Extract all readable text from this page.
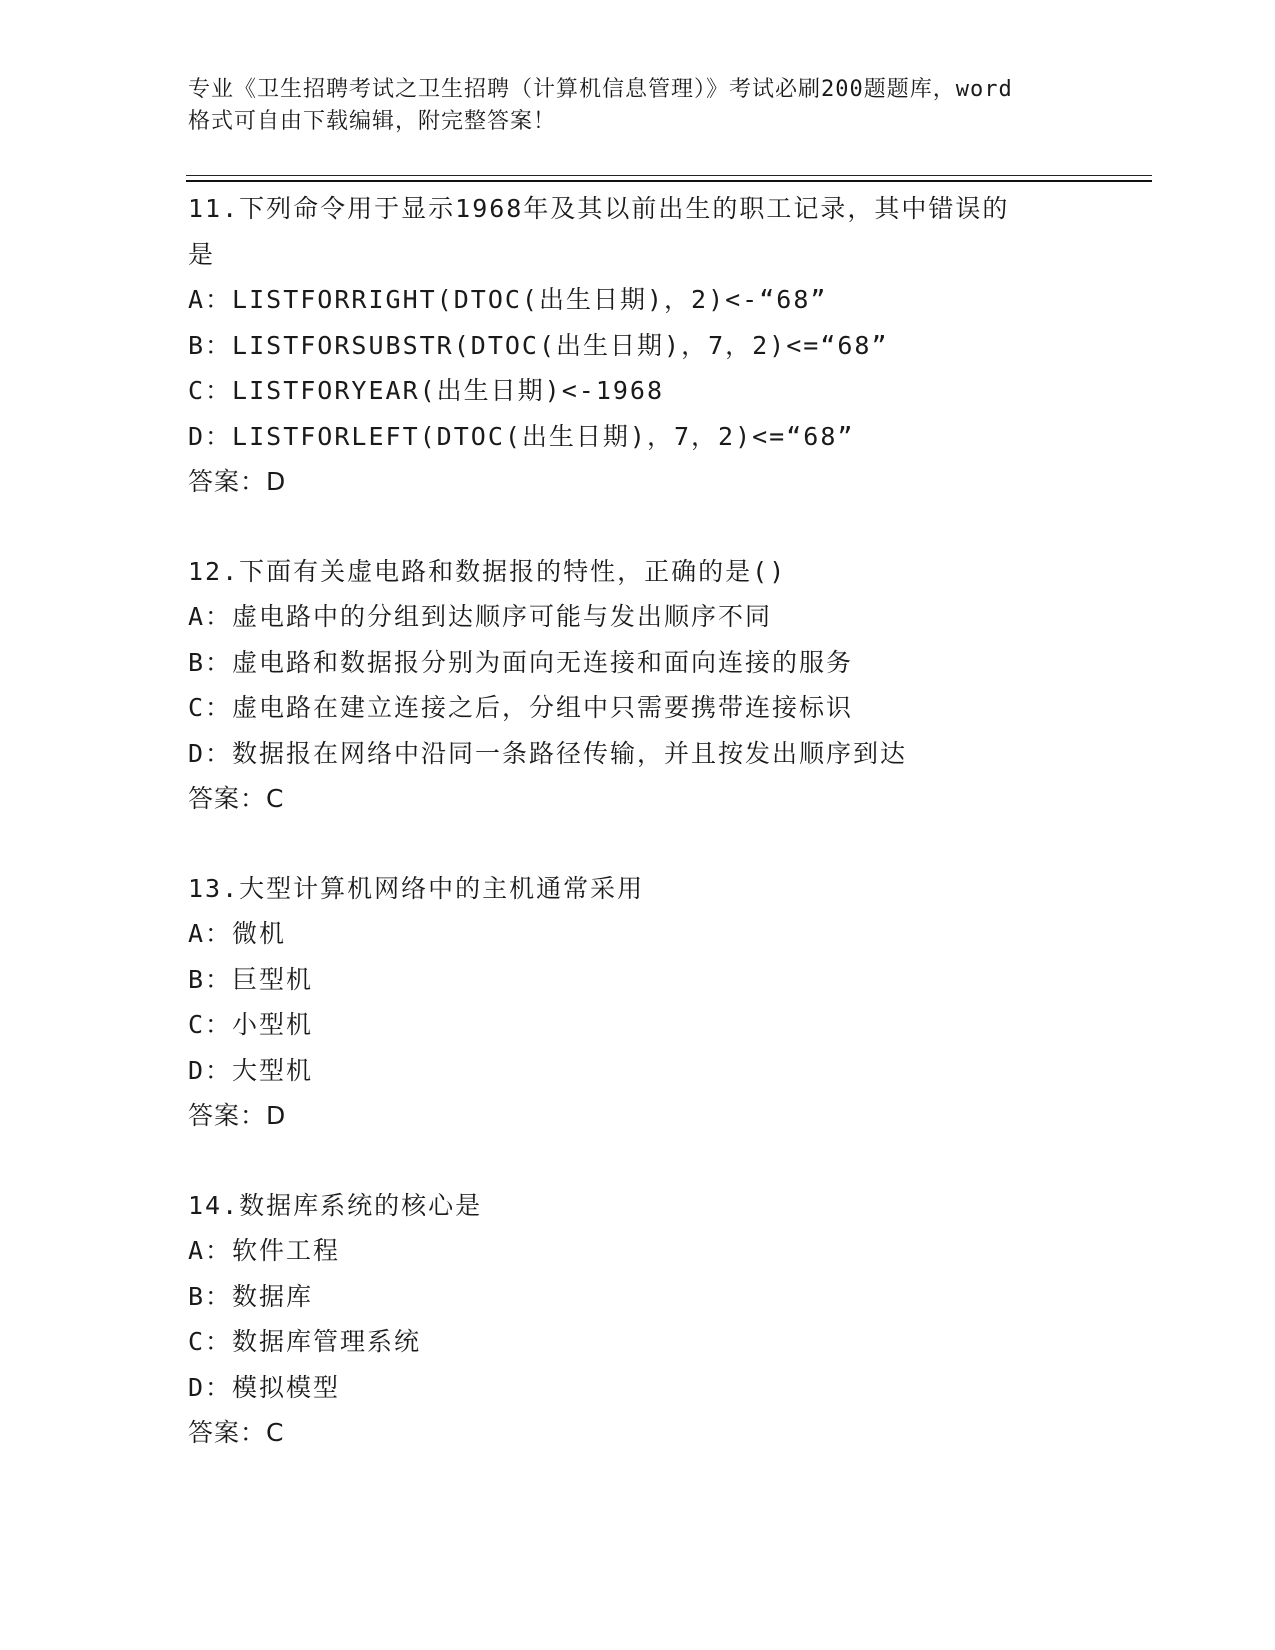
专业《卫生招聘考试之卫生招聘（计算机信息管理）》考试必刷200题题库，word
格式可自由下载编辑，附完整答案！
11.下列命令用于显示1968年及其以前出生的职工记录，其中错误的
是
A：LISTFORRIGHT(DTOC(出生日期)，2)<-“68”
B：LISTFORSUBSTR(DTOC(出生日期)，7，2)<=“68”
C：LISTFORYEAR(出生日期)<-1968
D：LISTFORLEFT(DTOC(出生日期)，7，2)<=“68”
答案：D
12.下面有关虚电路和数据报的特性，正确的是()
A：虚电路中的分组到达顺序可能与发出顺序不同
B：虚电路和数据报分别为面向无连接和面向连接的服务
C：虚电路在建立连接之后，分组中只需要携带连接标识
D：数据报在网络中沿同一条路径传输，并且按发出顺序到达
答案：C
13.大型计算机网络中的主机通常采用
A：微机
B：巨型机
C：小型机
D：大型机
答案：D
14.数据库系统的核心是
A：软件工程
B：数据库
C：数据库管理系统
D：模拟模型
答案：C
